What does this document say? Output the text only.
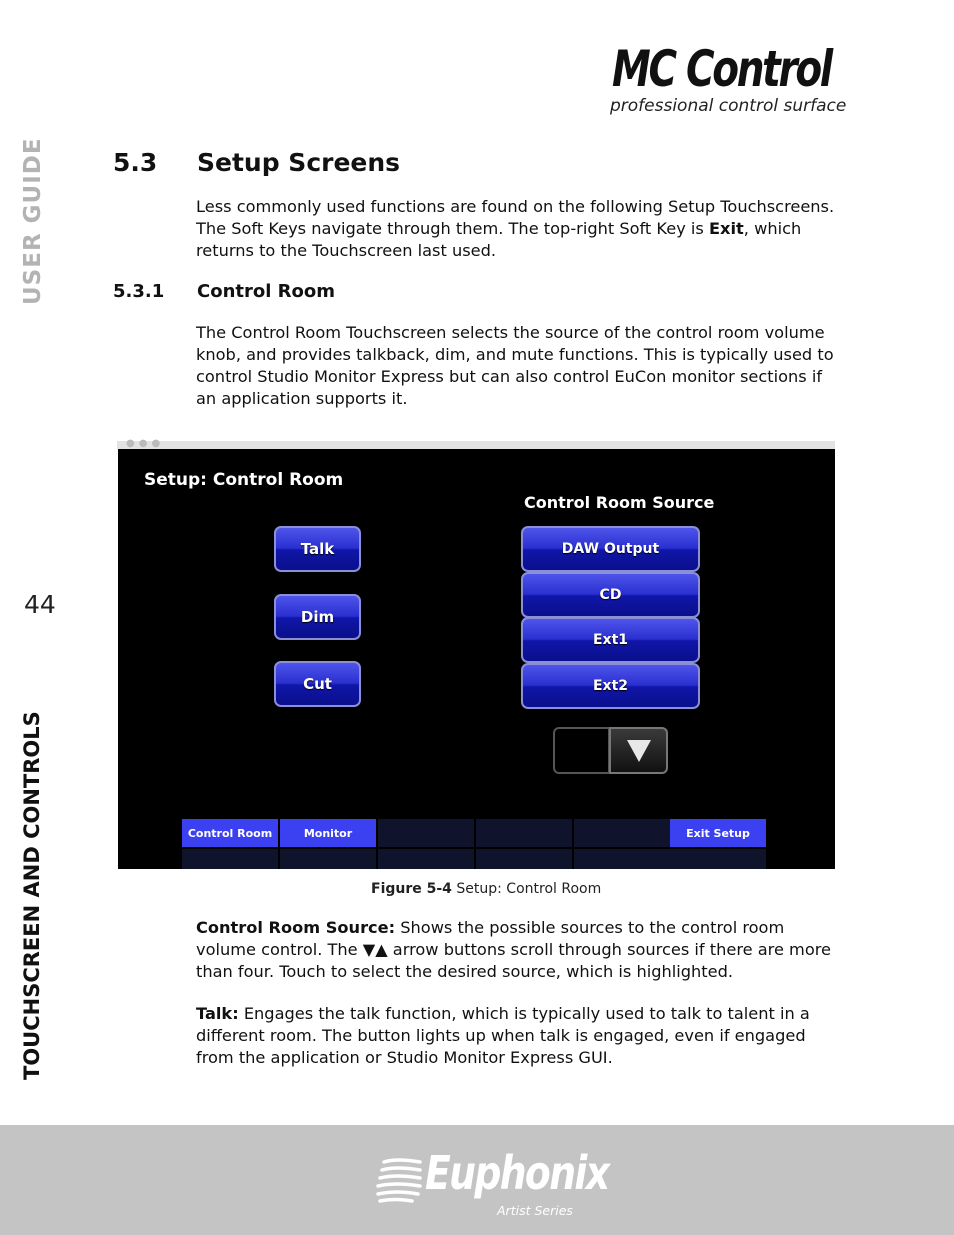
MC Control
professional control surface
USER GUIDE
44
TOUCHSCREEN AND CONTROLS
5.3 Setup Screens
Less commonly used functions are found on the following Setup Touchscreens. The Soft Keys navigate through them. The top-right Soft Key is Exit, which returns to the Touchscreen last used.
5.3.1 Control Room
The Control Room Touchscreen selects the source of the control room volume knob, and provides talkback, dim, and mute functions. This is typically used to control Studio Monitor Express but can also control EuCon monitor sections if an application supports it.
●●●
Setup: Control Room
Control Room Source
Talk
Dim
Cut
DAW Output
CD
Ext1
Ext2
Control Room	Monitor	Exit Setup
Figure 5-4 Setup: Control Room
Control Room Source: Shows the possible sources to the control room volume control. The ▼▲ arrow buttons scroll through sources if there are more than four. Touch to select the desired source, which is highlighted.
Talk: Engages the talk function, which is typically used to talk to talent in a different room. The button lights up when talk is engaged, even if engaged from the application or Studio Monitor Express GUI.
Euphonix
Artist Series
